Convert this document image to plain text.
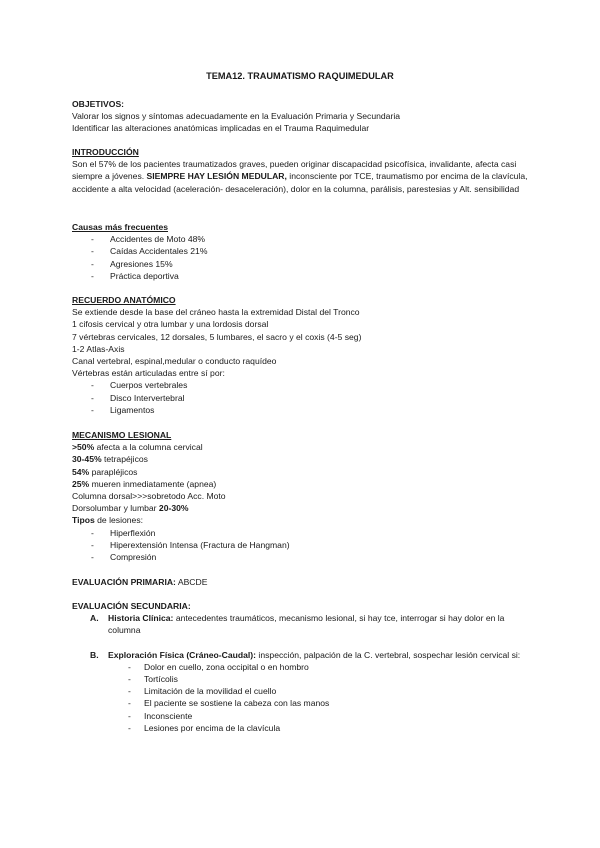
TEMA12. TRAUMATISMO RAQUIMEDULAR
OBJETIVOS:
Valorar los signos y síntomas adecuadamente en la Evaluación Primaria y Secundaria
Identificar las alteraciones anatómicas implicadas en el Trauma Raquimedular
INTRODUCCIÓN
Son el 57% de los pacientes traumatizados graves, pueden originar discapacidad psicofísica, invalidante, afecta casi siempre a jóvenes. SIEMPRE HAY LESIÓN MEDULAR, inconsciente por TCE, traumatismo por encima de la clavícula, accidente a alta velocidad (aceleración- desaceleración), dolor en la columna, parálisis, parestesias y Alt. sensibilidad
Causas más frecuentes
- Accidentes de Moto 48%
- Caídas Accidentales 21%
- Agresiones 15%
- Práctica deportiva
RECUERDO ANATÓMICO
Se extiende desde la base del cráneo hasta la extremidad Distal del Tronco
1 cifosis cervical y otra lumbar y una lordosis dorsal
7 vértebras cervicales, 12 dorsales, 5 lumbares, el sacro y el coxis (4-5 seg)
1-2 Atlas-Axis
Canal vertebral, espinal,medular o conducto raquídeo
Vértebras están articuladas entre sí por:
- Cuerpos vertebrales
- Disco Intervertebral
- Ligamentos
MECANISMO LESIONAL
>50% afecta a la columna cervical
30-45% tetrapéjicos
54% parapléjicos
25% mueren inmediatamente (apnea)
Columna dorsal>>>sobretodo Acc. Moto
Dorsolumbar y lumbar 20-30%
Tipos de lesiones:
- Hiperflexión
- Hiperextensión Intensa (Fractura de Hangman)
- Compresión
EVALUACIÓN PRIMARIA: ABCDE
EVALUACIÓN SECUNDARIA:
A. Historia Clínica: antecedentes traumáticos, mecanismo lesional, si hay tce, interrogar si hay dolor en la columna
B. Exploración Física (Cráneo-Caudal): inspección, palpación de la C. vertebral, sospechar lesión cervical si:
- Dolor en cuello, zona occipital o en hombro
- Tortícolis
- Limitación de la movilidad el cuello
- El paciente se sostiene la cabeza con las manos
- Inconsciente
- Lesiones por encima de la clavícula
